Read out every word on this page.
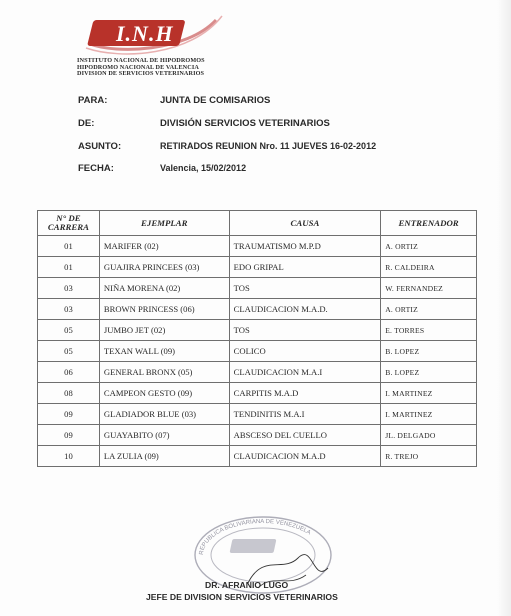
I.N.H
INSTITUTO NACIONAL DE HIPODROMOS
HIPODROMO NACIONAL DE VALENCIA
DIVISION DE SERVICIOS VETERINARIOS
PARA:	JUNTA DE COMISARIOS
DE:	DIVISIÓN SERVICIOS VETERINARIOS
ASUNTO:	RETIRADOS REUNION Nro. 11 JUEVES 16-02-2012
FECHA:	Valencia, 15/02/2012
N° DE CARRERA	EJEMPLAR	CAUSA	ENTRENADOR
01	MARIFER (02)	TRAUMATISMO M.P.D	A. ORTIZ
01	GUAJIRA PRINCEES (03)	EDO GRIPAL	R. CALDEIRA
03	NIÑA MORENA (02)	TOS	W. FERNANDEZ
03	BROWN PRINCESS (06)	CLAUDICACION M.A.D.	A. ORTIZ
05	JUMBO JET (02)	TOS	E. TORRES
05	TEXAN WALL (09)	COLICO	B. LOPEZ
06	GENERAL BRONX (05)	CLAUDICACION M.A.I	B. LOPEZ
08	CAMPEON GESTO (09)	CARPITIS M.A.D	I. MARTINEZ
09	GLADIADOR BLUE (03)	TENDINITIS M.A.I	I. MARTINEZ
09	GUAYABITO (07)	ABSCESO DEL CUELLO	JL. DELGADO
10	LA ZULIA (09)	CLAUDICACION M.A.D	R. TREJO
REPUBLICA BOLIVARIANA DE VENEZUELA
DR. AFRANIO LUGO
JEFE DE DIVISION SERVICIOS VETERINARIOS
